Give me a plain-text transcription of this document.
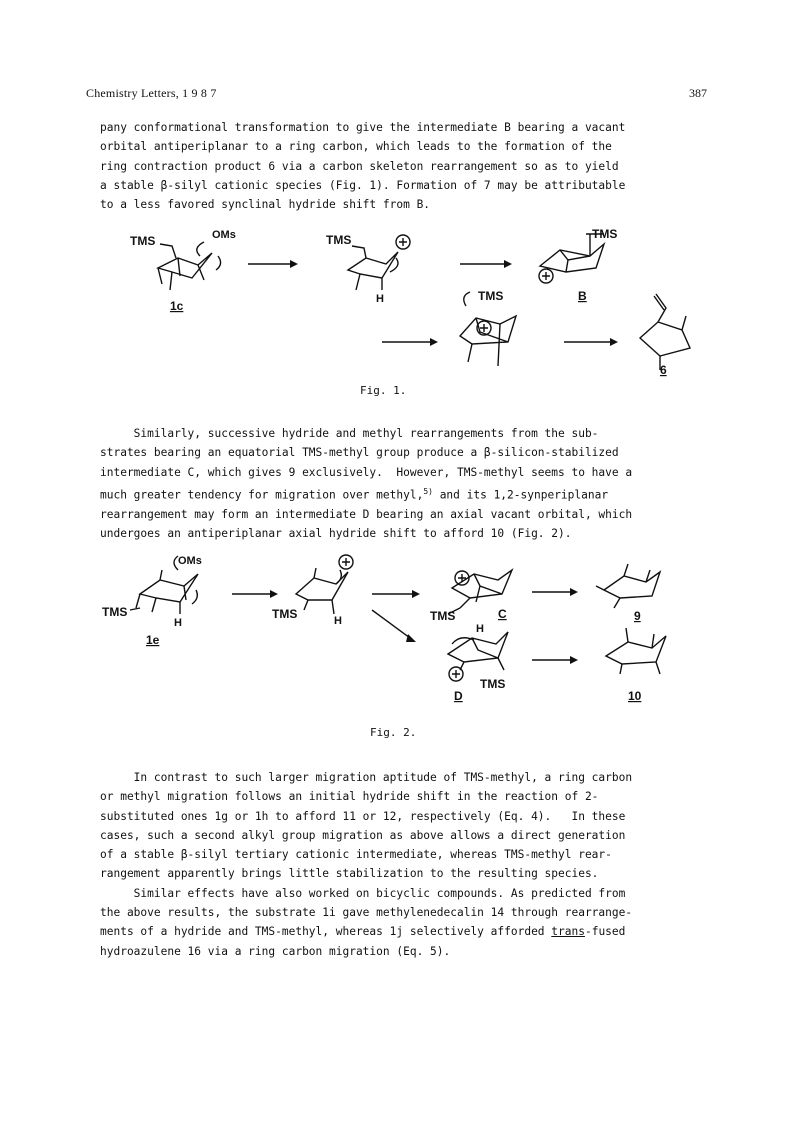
Chemistry Letters, 1 9 8 7	387
pany conformational transformation to give the intermediate B bearing a vacant
orbital antiperiplanar to a ring carbon, which leads to the formation of the
ring contraction product 6 via a carbon skeleton rearrangement so as to yield
a stable β-silyl cationic species (Fig. 1). Formation of 7 may be attributable
to a less favored synclinal hydride shift from B.
TMS	OMs
1c
TMS
H
TMS
TMS	B
6
Fig. 1.
Similarly, successive hydride and methyl rearrangements from the sub-
strates bearing an equatorial TMS-methyl group produce a β-silicon-stabilized
intermediate C, which gives 9 exclusively.  However, TMS-methyl seems to have a
much greater tendency for migration over methyl,$^{5)}$ and its 1,2-synperiplanar
rearrangement may form an intermediate D bearing an axial vacant orbital, which
undergoes an antiperiplanar axial hydride shift to afford 10 (Fig. 2).
OMs
TMS
H
1e
TMS	H	TMS
H
C	9
TMS
D	10
Fig. 2.
In contrast to such larger migration aptitude of TMS-methyl, a ring carbon
or methyl migration follows an initial hydride shift in the reaction of 2-
substituted ones 1g or 1h to afford 11 or 12, respectively (Eq. 4).   In these
cases, such a second alkyl group migration as above allows a direct generation
of a stable β-silyl tertiary cationic intermediate, whereas TMS-methyl rear-
rangement apparently brings little stabilization to the resulting species.
Similar effects have also worked on bicyclic compounds. As predicted from
the above results, the substrate 1i gave methylenedecalin 14 through rearrange-
ments of a hydride and TMS-methyl, whereas 1j selectively afforded trans-fused
hydroazulene 16 via a ring carbon migration (Eq. 5).
